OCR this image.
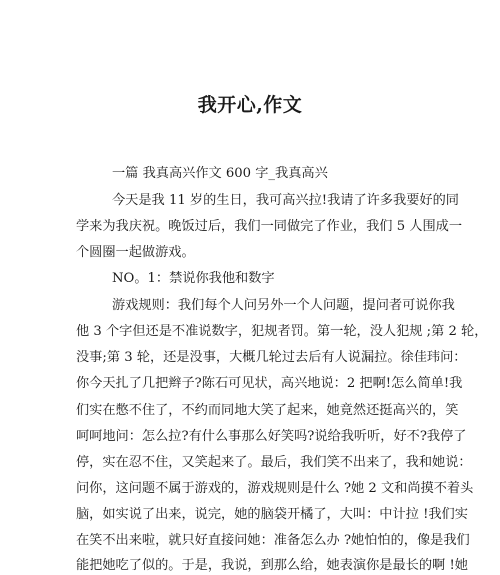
我开心,作文
一篇 我真高兴作文 600 字_我真高兴
今天是我 11 岁的生日，我可高兴拉!我请了许多我要好的同
学来为我庆祝。晚饭过后，我们一同做完了作业，我们 5 人围成一
个圆圈一起做游戏。
NO。1：禁说你我他和数字
游戏规则：我们每个人问另外一个人问题，提问者可说你我
他 3 个字但还是不准说数字，犯规者罚。第一轮，没人犯规 ;第 2 轮，
没事;第 3 轮，还是没事，大概几轮过去后有人说漏拉。徐佳玮问：
你今天扎了几把辫子?陈石可见状，高兴地说：2 把啊!怎么简单!我
们实在憋不住了，不约而同地大笑了起来，她竟然还挺高兴的，笑
呵呵地问：怎么拉?有什么事那么好笑吗?说给我听听，好不?我停了
停，实在忍不住，又笑起来了。最后，我们笑不出来了，我和她说：
问你，这问题不属于游戏的，游戏规则是什么 ?她 2 文和尚摸不着头
脑，如实说了出来，说完，她的脑袋开橘了，大叫：中计拉 !我们实
在笑不出来啦，就只好直接问她：准备怎么办 ?她怕怕的，像是我们
能把她吃了似的。于是，我说，到那么给，她表演你是最长的啊 !她
